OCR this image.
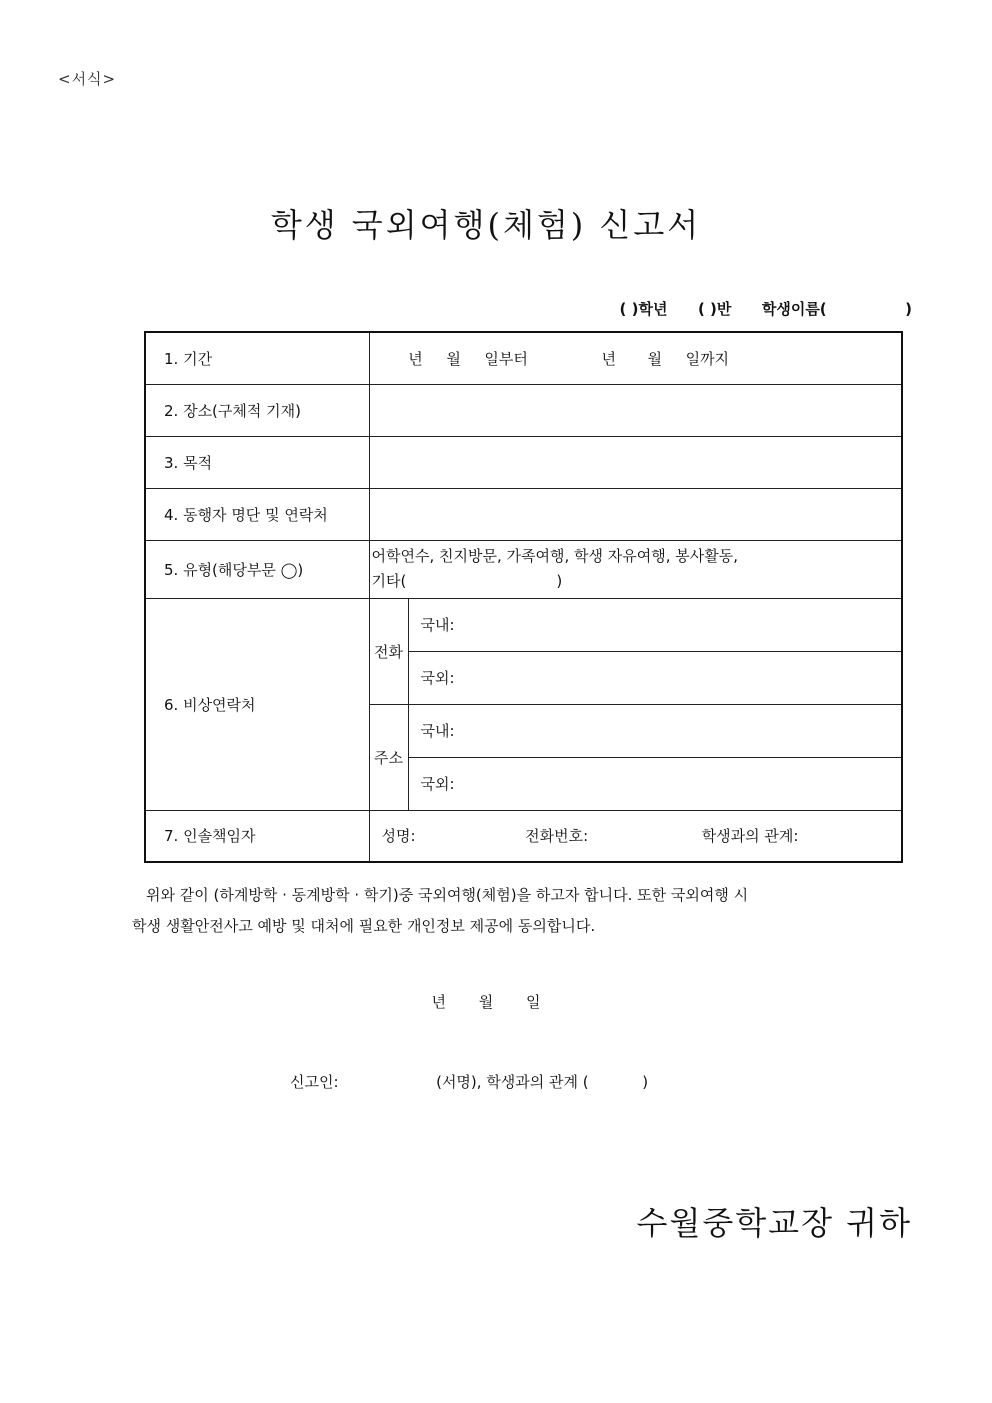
<서식>
학생 국외여행(체험) 신고서
( )학년 ( )반 학생이름(	)
1. 기간	년 월 일부터 년 월 일까지	
2. 장소(구체적 기재)		
3. 목적		
4. 동행자 명단 및 연락처		
5. 유형(해당부문 ◯)	어학연수, 친지방문, 가족여행, 학생 자유여행, 봉사활동,
기타( )	

6. 비상연락처	전화	국내:
		국외:
	주소	국내:
		국외:
7. 인솔책임자	성명: 전화번호: 학생과의 관계:	
위와 같이 (하계방학 · 동계방학 · 학기)중 국외여행(체험)을 하고자 합니다. 또한 국외여행 시
학생 생활안전사고 예방 및 대처에 필요한 개인정보 제공에 동의합니다.
년 월 일
신고인:	(서명), 학생과의 관계 (	)
수월중학교장 귀하
